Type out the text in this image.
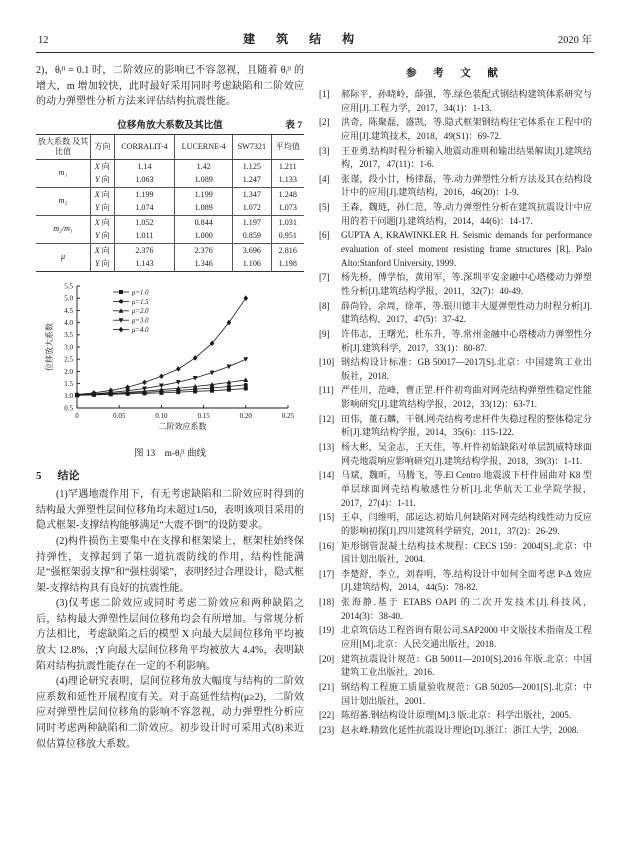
12	建 筑 结 构	2020 年

2)，θᵢᴵᴵ = 0.1 时，二阶效应的影响已不容忽视，且随着 θᵢᴵᴵ 的增大，m 增加较快，此时最好采用同时考虑缺陷和二阶效应的动力弹塑性分析方法来评估结构抗震性能。

位移角放大系数及其比值	表 7
放大系数 及其比值	方向	CORRALIT-4	LUCERNE-4	SW7321	平均值
m₁	X 向	1.14	1.42	1.125	1.211
	Y 向	1.063	1.089	1.247	1.133
m₂	X 向	1.199	1.199	1.347	1.248
	Y 向	1.074	1.089	1.072	1.073
m₂/m₁	X 向	1.052	0.844	1.197	1.031
	Y 向	1.011	1.000	0.859	0.951
μ	X 向	2.376	2.376	3.696	2.816
	Y 向	1.143	1.346	1.106	1.198
0.5
1.0
1.5
2.0
2.5
3.0
3.5
4.0
4.5
5.0
5.5
0	0.05	0.10	0.15	0.20	0.25
二阶效应系数
位移放大系数
μ=1.0
μ=1.5
μ=2.0
μ=3.0
μ=4.0
图 13　m-θᵢᴵᴵ 曲线
5 结论

(1)罕遇地震作用下，有无考虑缺陷和二阶效应时得到的结构最大弹塑性层间位移角均未超过1/50，表明该项目采用的隐式框架-支撑结构能够满足“大震不倒”的设防要求。

(2)构件损伤主要集中在支撑和框架梁上，框架柱始终保持弹性，支撑起到了第一道抗震防线的作用，结构性能满足“强框架弱支撑”和“强柱弱梁”，表明经过合理设计，隐式框架-支撑结构具有良好的抗震性能。

(3)仅考虑二阶效应或同时考虑二阶效应和两种缺陷之后，结构最大弹塑性层间位移角均会有所增加。与常规分析方法相比，考虑缺陷之后的模型 X 向最大层间位移角平均被放大 12.8%，;Y 向最大层间位移角平均被放大 4.4%，表明缺陷对结构抗震性能存在一定的不利影响。

(4)理论研究表明，层间位移角放大幅度与结构的二阶效应系数和延性开展程度有关。对于高延性结构(μ≥2)，二阶效应对弹塑性层间位移角的影响不容忽视，动力弹塑性分析应同时考虑两种缺陷和二阶效应。初步设计时可采用式(8)来近似估算位移放大系数。

参 考 文 献
[1]	郝际平，孙晓岭，薛强，等.绿色装配式钢结构建筑体系研究与应用[J].工程力学，2017，34(1)：1-13.
[2]	洪奇，陈聚磊，盛凯，等.隐式框架钢结构住宅体系在工程中的应用[J].建筑技术，2018，49(S1)：69-72.
[3]	王亚勇.结构时程分析输入地震动准则和输出结果解读[J].建筑结构，2017，47(11)：1-6.
[4]	张谨，段小廿，杨律磊，等.动力弹塑性分析方法及其在结构设计中的应用[J].建筑结构，2016，46(20)：1-9.
[5]	王森，魏琏，孙仁范，等.动力弹塑性分析在建筑抗震设计中应用的若干问题[J].建筑结构，2014，44(6)：14-17.
[6]	GUPTA A, KRAWINKLER H. Seismic demands for performance evaluation of steel moment resisting frame structures [R]. Palo Alto:Stanford University, 1999.
[7]	杨先桥，傅学怡，黄用军，等.深圳平安金融中心塔楼动力弹塑性分析[J].建筑结构学报，2011，32(7)：40-49.
[8]	薛尚铃，余周，徐革，等.银川德丰大厦弹塑性动力时程分析[J].建筑结构，2017，47(5)：37-42.
[9]	许伟志，王曙光，杜东升，等.常州金融中心塔楼动力弹塑性分析[J].建筑科学，2017，33(1)：80-87.
[10] 钢结构设计标准：GB 50017—2017[S].北京：中国建筑工业出版社，2018.
[11] 严佳川，范峰，曹正罡.杆件初弯曲对网壳结构弹塑性稳定性能影响研究[J].建筑结构学报，2012，33(12)：63-71.
[12] 田伟，董石麟，干钢.网壳结构考虑杆件失稳过程的整体稳定分析[J].建筑结构学报，2014，35(6)：115-122.
[13] 杨大彬，吴金志，王天佳，等.杆件初始缺陷对单层凯威特球面网壳地震响应影响研究[J].建筑结构学报，2018，39(3)：1-11.
[14] 马斌，魏昕，马腾飞，等.El Centro 地震波下杆件屈曲对 K8 型单层球面网壳结构敏感性分析[J].北华航天工业学院学报，2017，27(4)：1-11.
[15] 王卓，闫维明，邵运达.初始几何缺陷对网壳结构线性动力反应的影响初探[J].四川建筑科学研究，2011，37(2)：26-29.
[16] 矩形钢管混凝土结构技术规程：CECS 159：2004[S].北京：中国计划出版社，2004.
[17] 李楚舒，李立，刘春明，等.结构设计中如何全面考虑 P-Δ 效应[J].建筑结构，2014，44(5)：78-82.
[18] 张海静.基于 ETABS OAPI 的二次开发技术[J].科技风，2014(3)：38-40.
[19] 北京筑信达工程咨询有限公司.SAP2000 中文版技术指南及工程应用[M].北京：人民交通出版社，2018.
[20] 建筑抗震设计规范：GB 50011—2010[S].2016 年版.北京：中国建筑工业出版社，2016.
[21] 钢结构工程施工质量验收规范：GB 50205—2001[S].北京：中国计划出版社，2001.
[22] 陈绍蕃.钢结构设计原理[M].3 版.北京：科学出版社，2005.
[23] 赵永峰.精致化延性抗震设计理论[D].浙江：浙江大学，2008.
